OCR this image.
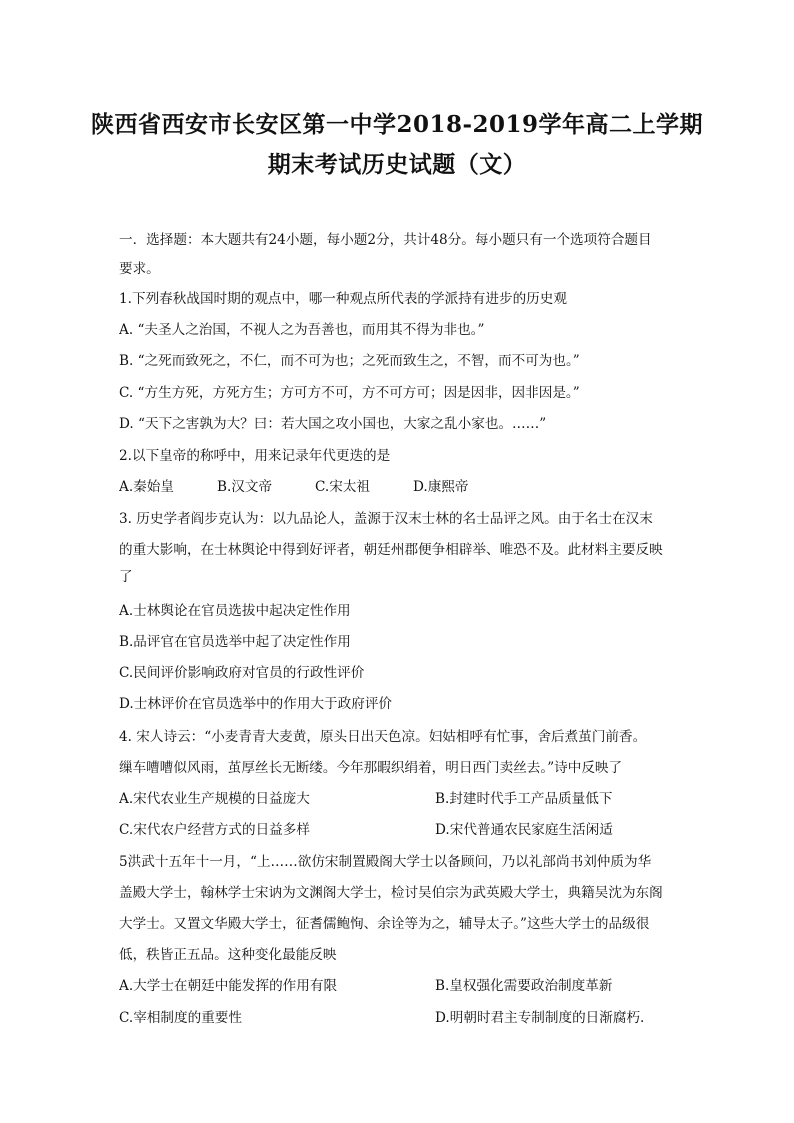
陕西省西安市长安区第一中学2018-2019学年高二上学期
期末考试历史试题（文）
一．选择题：本大题共有24小题，每小题2分，共计48分。每小题只有一个选项符合题目
要求。
1.下列春秋战国时期的观点中，哪一种观点所代表的学派持有进步的历史观
A. “夫圣人之治国，不视人之为吾善也，而用其不得为非也。”
B. “之死而致死之，不仁，而不可为也；之死而致生之，不智，而不可为也。”
C. “方生方死，方死方生；方可方不可，方不可方可；因是因非，因非因是。”
D. “天下之害孰为大？曰：若大国之攻小国也，大家之乱小家也。……”
2.以下皇帝的称呼中，用来记录年代更迭的是
A.秦始皇	B.汉文帝	C.宋太祖	D.康熙帝
3. 历史学者阎步克认为：以九品论人，盖源于汉末士林的名士品评之风。由于名士在汉末
的重大影响，在士林舆论中得到好评者，朝廷州郡便争相辟举、唯恐不及。此材料主要反映
了
A.士林舆论在官员选拔中起决定性作用
B.品评官在官员选举中起了决定性作用
C.民间评价影响政府对官员的行政性评价
D.士林评价在官员选举中的作用大于政府评价
4. 宋人诗云：“小麦青青大麦黄，原头日出天色凉。妇姑相呼有忙事，舍后煮茧门前香。
缫车嘈嘈似风雨，茧厚丝长无断缕。今年那暇织绢着，明日西门卖丝去。”诗中反映了
A.宋代农业生产规模的日益庞大	B.封建时代手工产品质量低下
C.宋代农户经营方式的日益多样	D.宋代普通农民家庭生活闲适
5洪武十五年十一月，“上……欲仿宋制置殿阁大学士以备顾问，乃以礼部尚书刘仲质为华
盖殿大学士，翰林学士宋讷为文渊阁大学士，检讨吴伯宗为武英殿大学士，典籍吴沈为东阁
大学士。又置文华殿大学士，征耆儒鲍恂、余诠等为之，辅导太子。”这些大学士的品级很
低，秩皆正五品。这种变化最能反映
A.大学士在朝廷中能发挥的作用有限	B.皇权强化需要政治制度革新
C.宰相制度的重要性	D.明朝时君主专制制度的日渐腐朽.
